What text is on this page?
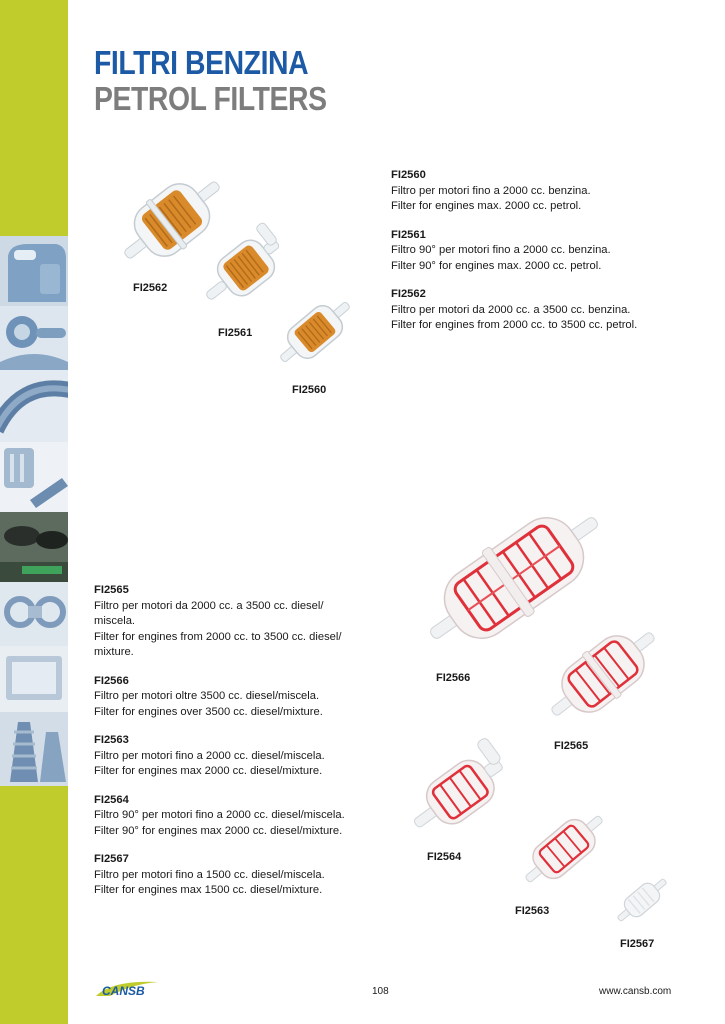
FILTRI BENZINA
PETROL FILTERS
FI2560
Filtro per motori fino a 2000 cc. benzina.
Filter for engines max. 2000 cc. petrol.
FI2561
Filtro 90° per motori fino a 2000 cc. benzina.
Filter 90° for engines max. 2000 cc. petrol.
FI2562
Filtro per motori da 2000 cc. a 3500 cc. benzina.
Filter for engines from 2000 cc. to 3500 cc. petrol.
FI2562
FI2561
FI2560
FI2565
Filtro per motori da 2000 cc. a 3500 cc. diesel/
miscela.
Filter for engines from 2000 cc. to 3500 cc. diesel/
mixture.
FI2566
Filtro per motori oltre 3500 cc. diesel/miscela.
Filter for engines over 3500 cc. diesel/mixture.
FI2563
Filtro per motori fino a 2000 cc. diesel/miscela.
Filter for engines max 2000 cc. diesel/mixture.
FI2564
Filtro 90° per motori fino a 2000 cc. diesel/miscela.
Filter 90° for engines max 2000 cc. diesel/mixture.
FI2567
Filtro per motori fino a 1500 cc. diesel/miscela.
Filter for engines max 1500 cc. diesel/mixture.
FI2566
FI2565
FI2564
FI2563
FI2567
CANSB	108	www.cansb.com
